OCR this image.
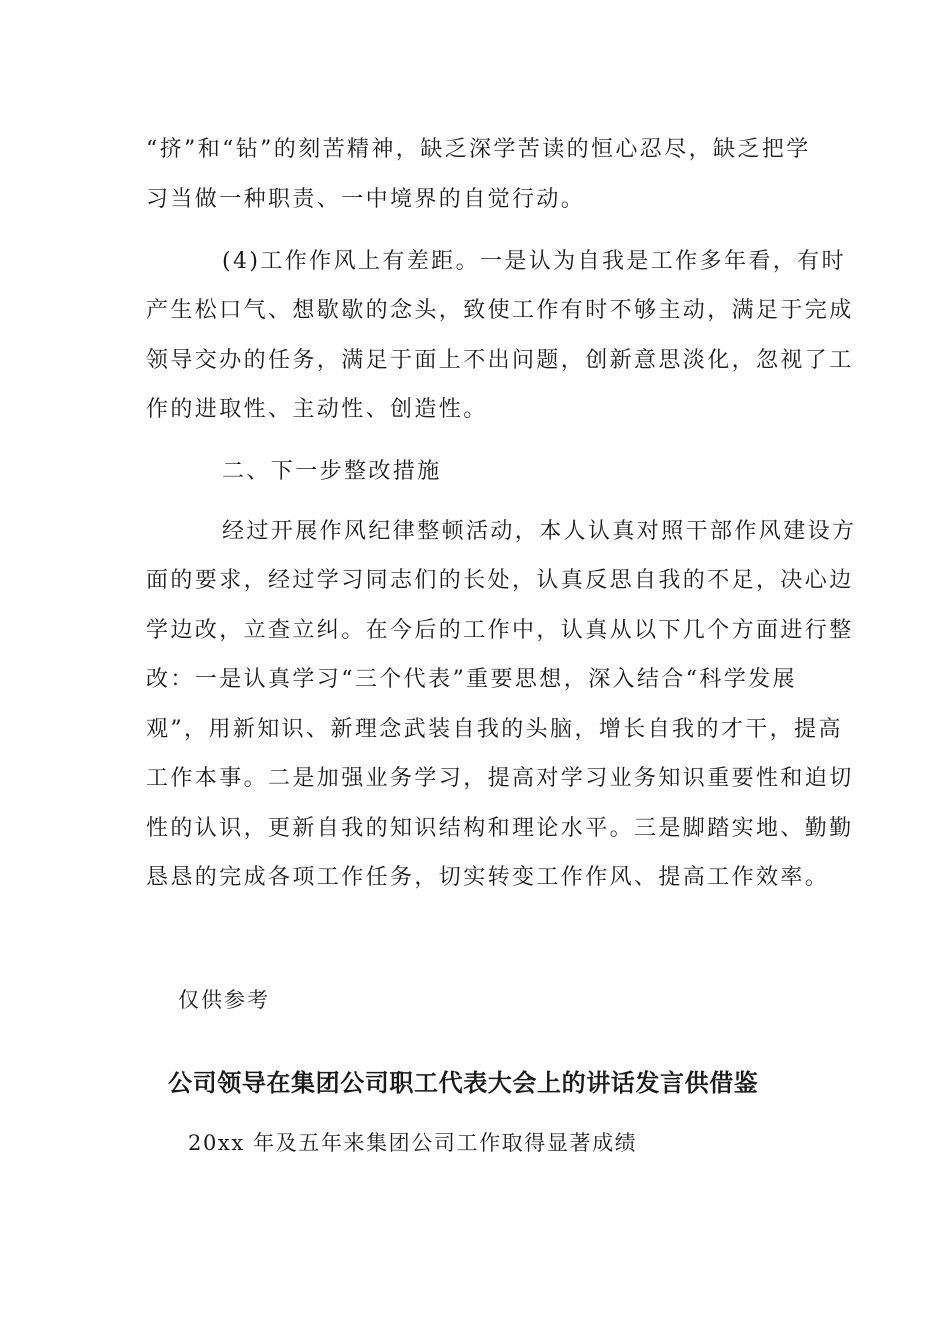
“挤”和“钻”的刻苦精神，缺乏深学苦读的恒心忍尽，缺乏把学
习当做一种职责、一中境界的自觉行动。
(4)工作作风上有差距。一是认为自我是工作多年看，有时
产生松口气、想歇歇的念头，致使工作有时不够主动，满足于完成
领导交办的任务，满足于面上不出问题，创新意思淡化，忽视了工
作的进取性、主动性、创造性。
二、下一步整改措施
经过开展作风纪律整顿活动，本人认真对照干部作风建设方
面的要求，经过学习同志们的长处，认真反思自我的不足，决心边
学边改，立查立纠。在今后的工作中，认真从以下几个方面进行整
改：一是认真学习“三个代表”重要思想，深入结合“科学发展
观”，用新知识、新理念武装自我的头脑，增长自我的才干，提高
工作本事。二是加强业务学习，提高对学习业务知识重要性和迫切
性的认识，更新自我的知识结构和理论水平。三是脚踏实地、勤勤
恳恳的完成各项工作任务，切实转变工作作风、提高工作效率。
仅供参考
公司领导在集团公司职工代表大会上的讲话发言供借鉴
20xx 年及五年来集团公司工作取得显著成绩
